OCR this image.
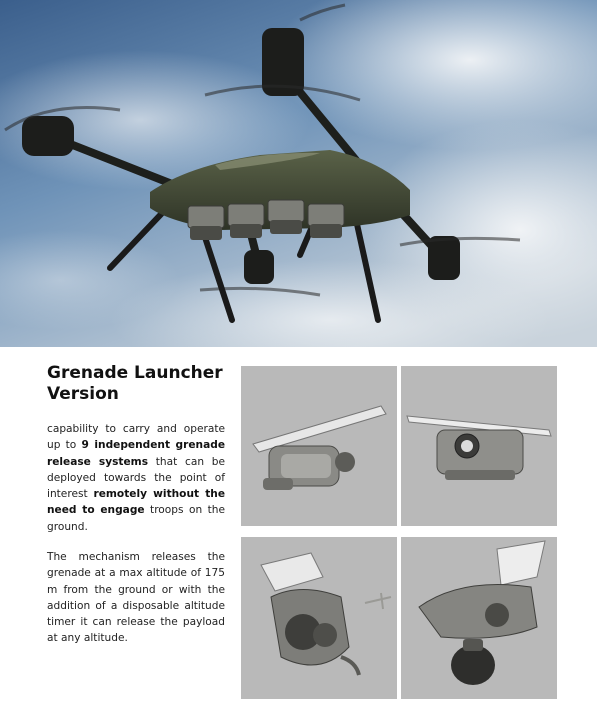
Grenade Launcher
Version

capability to carry and operate up to 9 independent grenade release systems that can be deployed towards the point of interest remotely without the need to engage troops on the ground.

The mechanism releases the grenade at a max altitude of 175 m from the ground or with the addition of a disposable altitude timer it can release the payload at any altitude.
